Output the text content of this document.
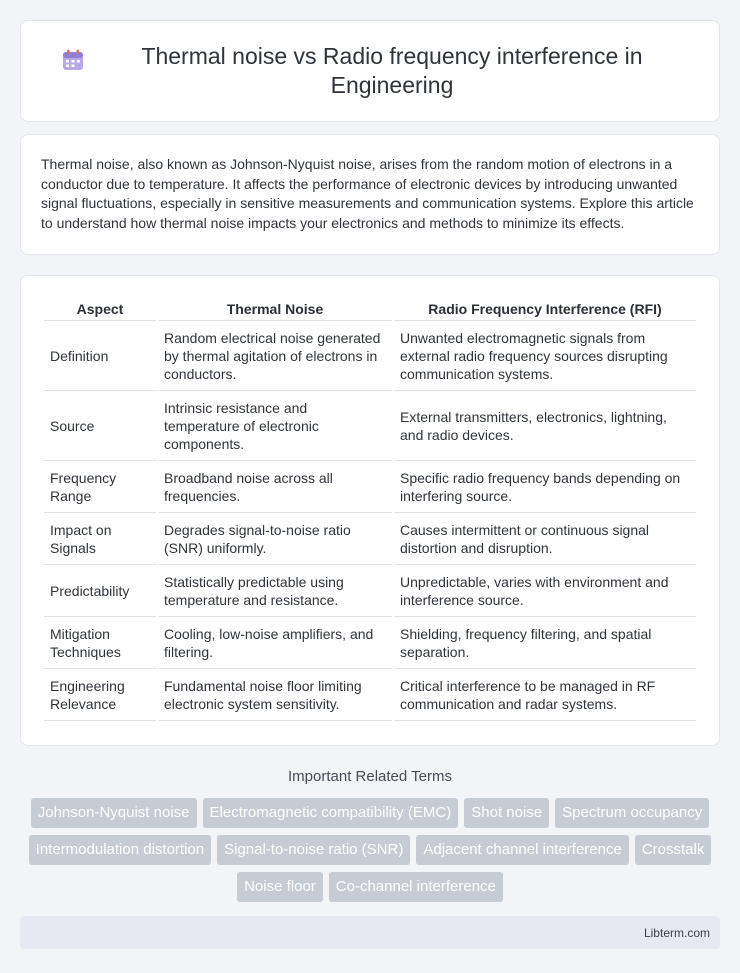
Thermal noise vs Radio frequency interference in Engineering

Thermal noise, also known as Johnson-Nyquist noise, arises from the random motion of electrons in a conductor due to temperature. It affects the performance of electronic devices by introducing unwanted signal fluctuations, especially in sensitive measurements and communication systems. Explore this article to understand how thermal noise impacts your electronics and methods to minimize its effects.

Aspect	Thermal Noise	Radio Frequency Interference (RFI)
Definition	Random electrical noise generated by thermal agitation of electrons in conductors.	Unwanted electromagnetic signals from external radio frequency sources disrupting communication systems.
Source	Intrinsic resistance and temperature of electronic components.	External transmitters, electronics, lightning, and radio devices.
Frequency Range	Broadband noise across all frequencies.	Specific radio frequency bands depending on interfering source.
Impact on Signals	Degrades signal-to-noise ratio (SNR) uniformly.	Causes intermittent or continuous signal distortion and disruption.
Predictability	Statistically predictable using temperature and resistance.	Unpredictable, varies with environment and interference source.
Mitigation Techniques	Cooling, low-noise amplifiers, and filtering.	Shielding, frequency filtering, and spatial separation.
Engineering Relevance	Fundamental noise floor limiting electronic system sensitivity.	Critical interference to be managed in RF communication and radar systems.
Important Related Terms
Johnson-Nyquist noise	Electromagnetic compatibility (EMC)	Shot noise	Spectrum occupancy
Intermodulation distortion	Signal-to-noise ratio (SNR)	Adjacent channel interference	Crosstalk
Noise floor	Co-channel interference
Libterm.com
